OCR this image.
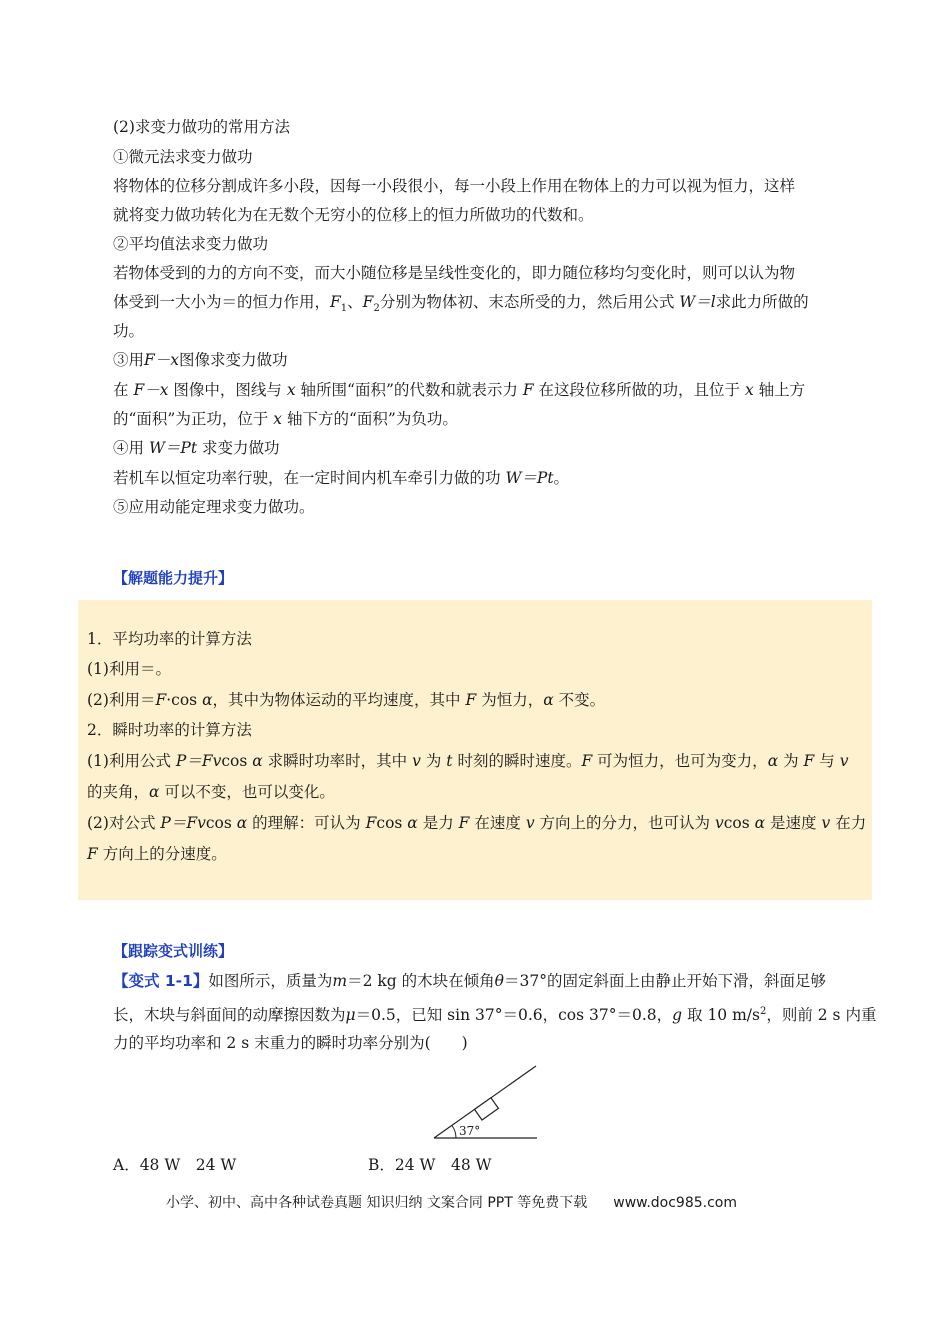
(2)求变力做功的常用方法
①微元法求变力做功
将物体的位移分割成许多小段，因每一小段很小，每一小段上作用在物体上的力可以视为恒力，这样
就将变力做功转化为在无数个无穷小的位移上的恒力所做功的代数和。
②平均值法求变力做功
若物体受到的力的方向不变，而大小随位移是呈线性变化的，即力随位移均匀变化时，则可以认为物
体受到一大小为＝的恒力作用，$F_1$、$F_2$分别为物体初、末态所受的力，然后用公式 W＝l求此力所做的
功。
③用F－x图像求变力做功
在 F－x 图像中，图线与 x 轴所围“面积”的代数和就表示力 F 在这段位移所做的功，且位于 x 轴上方
的“面积”为正功，位于 x 轴下方的“面积”为负功。
④用 W＝Pt 求变力做功
若机车以恒定功率行驶，在一定时间内机车牵引力做的功 W＝Pt。
⑤应用动能定理求变力做功。
【解题能力提升】
1．平均功率的计算方法
(1)利用＝。
(2)利用＝F·cos α，其中为物体运动的平均速度，其中 F 为恒力，α 不变。
2．瞬时功率的计算方法
(1)利用公式 P＝Fvcos α 求瞬时功率时，其中 v 为 t 时刻的瞬时速度。F 可为恒力，也可为变力，α 为 F 与 v
的夹角，α 可以不变，也可以变化。
(2)对公式 P＝Fvcos α 的理解：可认为 Fcos α 是力 F 在速度 v 方向上的分力，也可认为 vcos α 是速度 v 在力
F 方向上的分速度。
【跟踪变式训练】
【变式 1-1】如图所示，质量为m＝2 kg 的木块在倾角θ＝37°的固定斜面上由静止开始下滑，斜面足够
长，木块与斜面间的动摩擦因数为μ＝0.5，已知 sin 37°＝0.6，cos 37°＝0.8，g 取 10 $m/s^2$，则前 2 s 内重
力的平均功率和 2 s 末重力的瞬时功率分别为(　　)
37°
A．48 W　24 W	B．24 W　48 W
小学、初中、高中各种试卷真题 知识归纳 文案合同 PPT 等免费下载 www.doc985.com
